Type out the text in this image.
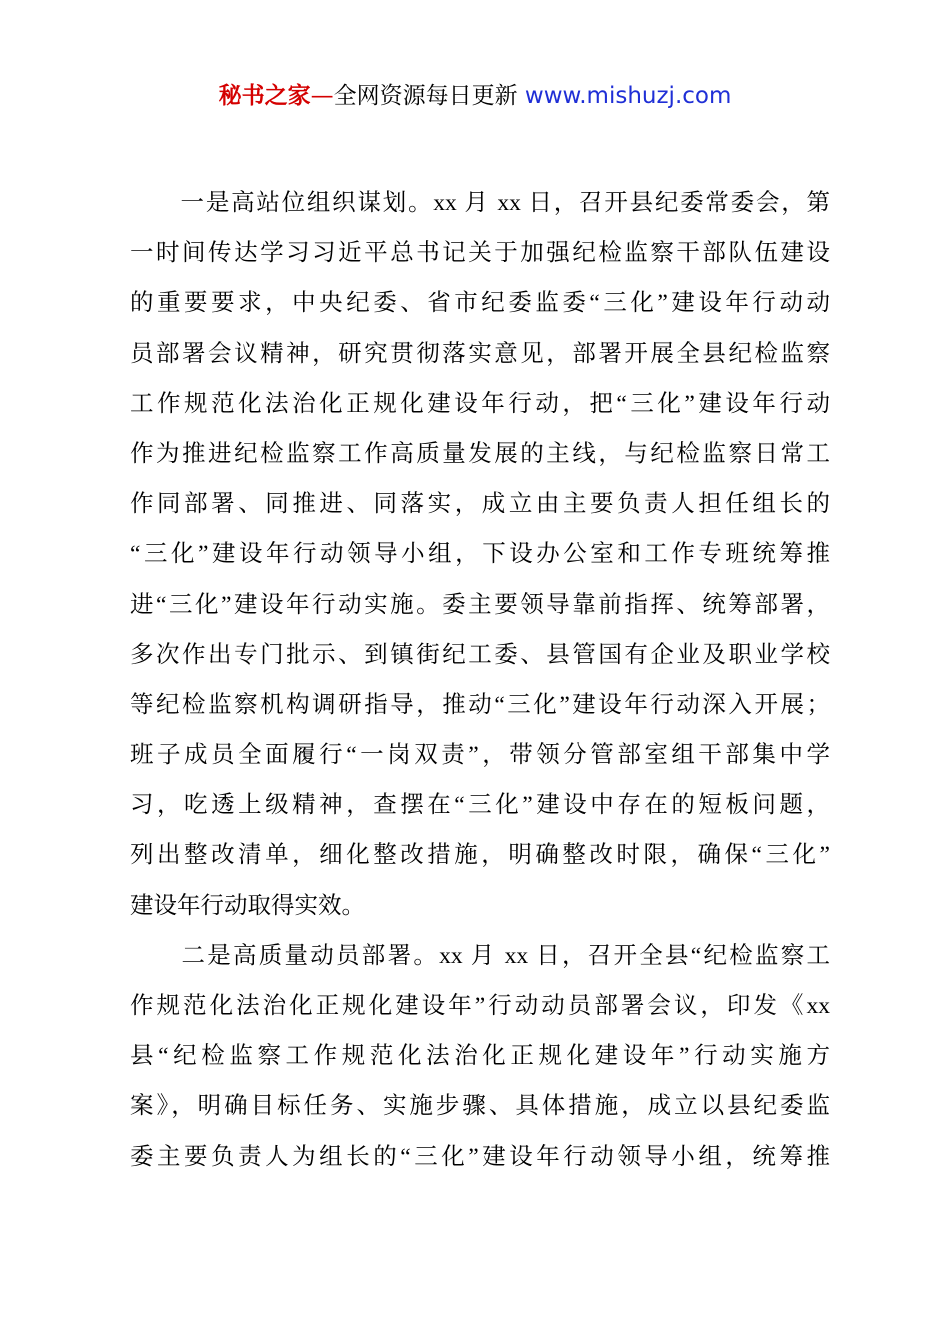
秘书之家—全网资源每日更新 www.mishuzj.com
　　一是高站位组织谋划。xx 月 xx 日，召开县纪委常委会，第
一时间传达学习习近平总书记关于加强纪检监察干部队伍建设
的重要要求，中央纪委、省市纪委监委“三化”建设年行动动
员部署会议精神，研究贯彻落实意见，部署开展全县纪检监察
工作规范化法治化正规化建设年行动，把“三化”建设年行动
作为推进纪检监察工作高质量发展的主线，与纪检监察日常工
作同部署、同推进、同落实，成立由主要负责人担任组长的
“三化”建设年行动领导小组，下设办公室和工作专班统筹推
进“三化”建设年行动实施。委主要领导靠前指挥、统筹部署，
多次作出专门批示、到镇街纪工委、县管国有企业及职业学校
等纪检监察机构调研指导，推动“三化”建设年行动深入开展；
班子成员全面履行“一岗双责”，带领分管部室组干部集中学
习，吃透上级精神，查摆在“三化”建设中存在的短板问题，
列出整改清单，细化整改措施，明确整改时限，确保“三化”
建设年行动取得实效。
　　二是高质量动员部署。xx 月 xx 日，召开全县“纪检监察工
作规范化法治化正规化建设年”行动动员部署会议，印发《xx
县“纪检监察工作规范化法治化正规化建设年”行动实施方
案》，明确目标任务、实施步骤、具体措施，成立以县纪委监
委主要负责人为组长的“三化”建设年行动领导小组，统筹推
